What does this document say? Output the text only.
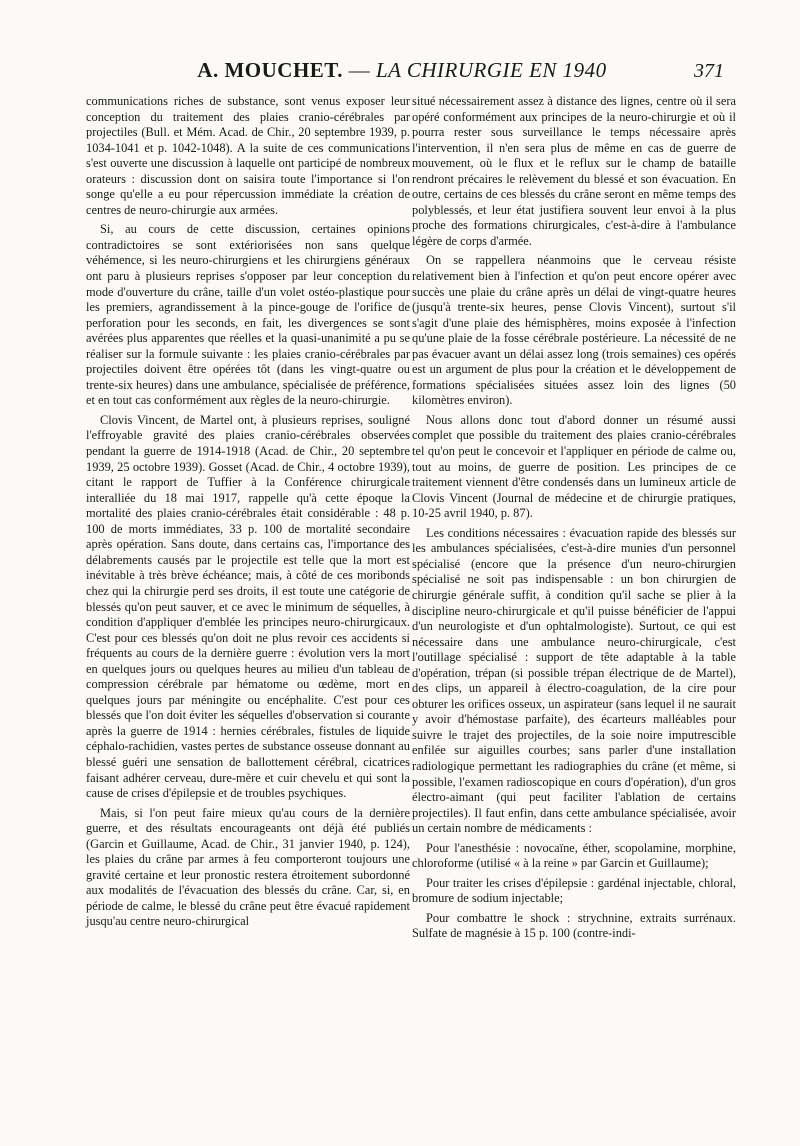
A. MOUCHET. — LA CHIRURGIE EN 1940	371

communications riches de substance, sont venus exposer leur conception du traitement des plaies cranio-cérébrales par projectiles (Bull. et Mém. Acad. de Chir., 20 septembre 1939, p. 1034-1041 et p. 1042-1048). A la suite de ces communications s'est ouverte une discussion à laquelle ont participé de nombreux orateurs : discussion dont on saisira toute l'importance si l'on songe qu'elle a eu pour répercussion immédiate la création de centres de neuro-chirurgie aux armées.

Si, au cours de cette discussion, certaines opinions contradictoires se sont extériorisées non sans quelque véhémence, si les neuro-chirurgiens et les chirurgiens généraux ont paru à plusieurs reprises s'opposer par leur conception du mode d'ouverture du crâne, taille d'un volet ostéo-plastique pour les premiers, agrandissement à la pince-gouge de l'orifice de perforation pour les seconds, en fait, les divergences se sont avérées plus apparentes que réelles et la quasi-unanimité a pu se réaliser sur la formule suivante : les plaies cranio-cérébrales par projectiles doivent être opérées tôt (dans les vingt-quatre ou trente-six heures) dans une ambulance, spécialisée de préférence, et en tout cas conformément aux règles de la neuro-chirurgie.

Clovis Vincent, de Martel ont, à plusieurs reprises, souligné l'effroyable gravité des plaies cranio-cérébrales observées pendant la guerre de 1914-1918 (Acad. de Chir., 20 septembre 1939, 25 octobre 1939). Gosset (Acad. de Chir., 4 octobre 1939), citant le rapport de Tuffier à la Conférence chirurgicale interalliée du 18 mai 1917, rappelle qu'à cette époque la mortalité des plaies cranio-cérébrales était considérable : 48 p. 100 de morts immédiates, 33 p. 100 de mortalité secondaire après opération. Sans doute, dans certains cas, l'importance des délabrements causés par le projectile est telle que la mort est inévitable à très brève échéance; mais, à côté de ces moribonds chez qui la chirurgie perd ses droits, il est toute une catégorie de blessés qu'on peut sauver, et ce avec le minimum de séquelles, à condition d'appliquer d'emblée les principes neuro-chirurgicaux. C'est pour ces blessés qu'on doit ne plus revoir ces accidents si fréquents au cours de la dernière guerre : évolution vers la mort en quelques jours ou quelques heures au milieu d'un tableau de compression cérébrale par hématome ou œdème, mort en quelques jours par méningite ou encéphalite. C'est pour ces blessés que l'on doit éviter les séquelles d'observation si courante après la guerre de 1914 : hernies cérébrales, fistules de liquide céphalo-rachidien, vastes pertes de substance osseuse donnant au blessé guéri une sensation de ballottement cérébral, cicatrices faisant adhérer cerveau, dure-mère et cuir chevelu et qui sont la cause de crises d'épilepsie et de troubles psychiques.

Mais, si l'on peut faire mieux qu'au cours de la dernière guerre, et des résultats encourageants ont déjà été publiés (Garcin et Guillaume, Acad. de Chir., 31 janvier 1940, p. 124), les plaies du crâne par armes à feu comporteront toujours une gravité certaine et leur pronostic restera étroitement subordonné aux modalités de l'évacuation des blessés du crâne. Car, si, en période de calme, le blessé du crâne peut être évacué rapidement jusqu'au centre neuro-chirurgical

situé nécessairement assez à distance des lignes, centre où il sera opéré conformément aux principes de la neuro-chirurgie et où il pourra rester sous surveillance le temps nécessaire après l'intervention, il n'en sera plus de même en cas de guerre de mouvement, où le flux et le reflux sur le champ de bataille rendront précaires le relèvement du blessé et son évacuation. En outre, certains de ces blessés du crâne seront en même temps des polyblessés, et leur état justifiera souvent leur envoi à la plus proche des formations chirurgicales, c'est-à-dire à l'ambulance légère de corps d'armée.

On se rappellera néanmoins que le cerveau résiste relativement bien à l'infection et qu'on peut encore opérer avec succès une plaie du crâne après un délai de vingt-quatre heures (jusqu'à trente-six heures, pense Clovis Vincent), surtout s'il s'agit d'une plaie des hémisphères, moins exposée à l'infection qu'une plaie de la fosse cérébrale postérieure. La nécessité de ne pas évacuer avant un délai assez long (trois semaines) ces opérés est un argument de plus pour la création et le développement de formations spécialisées situées assez loin des lignes (50 kilomètres environ).

Nous allons donc tout d'abord donner un résumé aussi complet que possible du traitement des plaies cranio-cérébrales tel qu'on peut le concevoir et l'appliquer en période de calme ou, tout au moins, de guerre de position. Les principes de ce traitement viennent d'être condensés dans un lumineux article de Clovis Vincent (Journal de médecine et de chirurgie pratiques, 10-25 avril 1940, p. 87).

Les conditions nécessaires : évacuation rapide des blessés sur les ambulances spécialisées, c'est-à-dire munies d'un personnel spécialisé (encore que la présence d'un neuro-chirurgien spécialisé ne soit pas indispensable : un bon chirurgien de chirurgie générale suffit, à condition qu'il sache se plier à la discipline neuro-chirurgicale et qu'il puisse bénéficier de l'appui d'un neurologiste et d'un ophtalmologiste). Surtout, ce qui est nécessaire dans une ambulance neuro-chirurgicale, c'est l'outillage spécialisé : support de tête adaptable à la table d'opération, trépan (si possible trépan électrique de de Martel), des clips, un appareil à électro-coagulation, de la cire pour obturer les orifices osseux, un aspirateur (sans lequel il ne saurait y avoir d'hémostase parfaite), des écarteurs malléables pour suivre le trajet des projectiles, de la soie noire imputrescible enfilée sur aiguilles courbes; sans parler d'une installation radiologique permettant les radiographies du crâne (et même, si possible, l'examen radioscopique en cours d'opération), d'un gros électro-aimant (qui peut faciliter l'ablation de certains projectiles). Il faut enfin, dans cette ambulance spécialisée, avoir un certain nombre de médicaments :

Pour l'anesthésie : novocaïne, éther, scopolamine, morphine, chloroforme (utilisé « à la reine » par Garcin et Guillaume);

Pour traiter les crises d'épilepsie : gardénal injectable, chloral, bromure de sodium injectable;

Pour combattre le shock : strychnine, extraits surrénaux. Sulfate de magnésie à 15 p. 100 (contre-indi-
